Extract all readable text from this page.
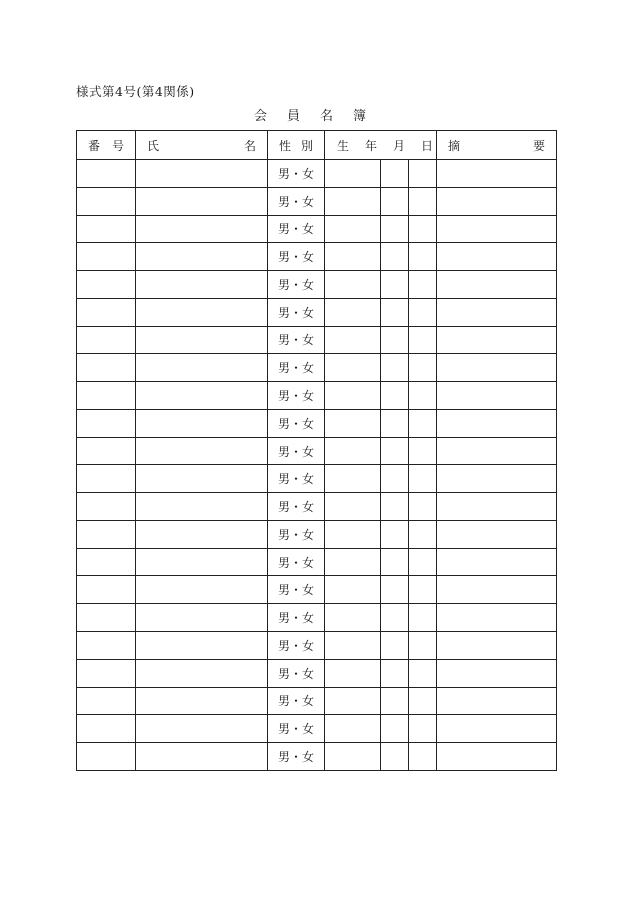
様式第4号(第4関係)
会 員 名 簿
番 号	氏 名	性 別	生 年 月 日			摘 要

		男・女				
		男・女				
		男・女				
		男・女				
		男・女				
		男・女				
		男・女				
		男・女				
		男・女				
		男・女				
		男・女				
		男・女				
		男・女				
		男・女				
		男・女				
		男・女				
		男・女				
		男・女				
		男・女				
		男・女				
		男・女				
		男・女				
